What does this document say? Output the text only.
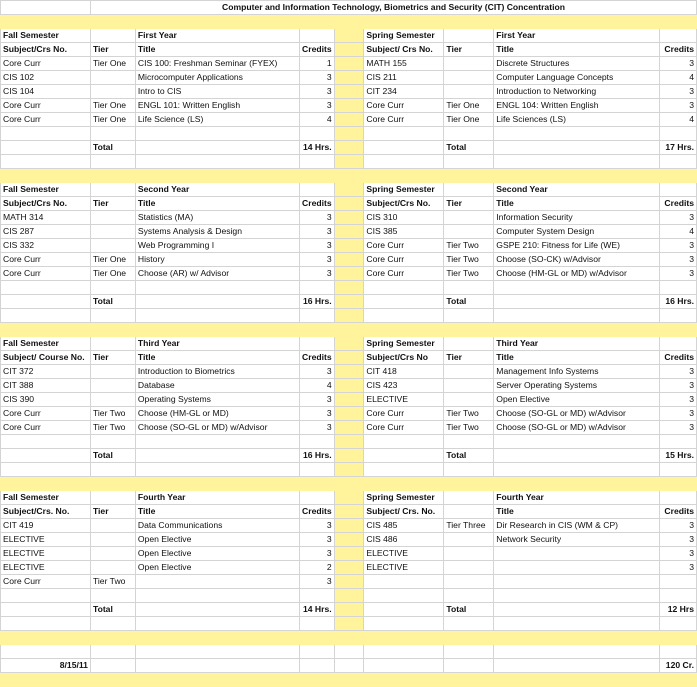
	Computer and Information Technology, Biometrics and Security (CIT) Concentration							

Fall Semester		First Year			Spring Semester		First Year	
Subject/Crs No.	Tier	Title	Credits		Subject/ Crs No.	Tier	Title	Credits
Core Curr	Tier One	CIS 100: Freshman Seminar (FYEX)	1		MATH 155		Discrete Structures	3
CIS 102		Microcomputer Applications	3		CIS 211		Computer Language Concepts	4
CIS 104		Intro to CIS	3		CIT 234		Introduction to Networking	3
Core Curr	Tier One	ENGL 101: Written English	3		Core Curr	Tier One	ENGL 104: Written English	3
Core Curr	Tier One	Life Science (LS)	4		Core Curr	Tier One	Life Sciences (LS)	4

	Total		14 Hrs.			Total		17 Hrs.

Fall Semester		Second Year			Spring Semester		Second Year	
Subject/Crs No.	Tier	Title	Credits		Subject/Crs No.	Tier	Title	Credits
MATH 314		Statistics (MA)	3		CIS 310		Information Security	3
CIS 287		Systems Analysis & Design	3		CIS 385		Computer System Design	4
CIS 332		Web Programming I	3		Core Curr	Tier Two	GSPE 210: Fitness for Life (WE)	3
Core Curr	Tier One	History	3		Core Curr	Tier Two	Choose (SO-CK) w/Advisor	3
Core Curr	Tier One	Choose (AR) w/ Advisor	3		Core Curr	Tier Two	Choose (HM-GL or MD) w/Advisor	3

	Total		16 Hrs.			Total		16 Hrs.

Fall Semester		Third Year			Spring Semester		Third Year	
Subject/ Course No.	Tier	Title	Credits		Subject/Crs No	Tier	Title	Credits
CIT 372		Introduction to Biometrics	3		CIT 418		Management Info Systems	3
CIT 388		Database	4		CIS 423		Server Operating Systems	3
CIS 390		Operating Systems	3		ELECTIVE		Open Elective	3
Core Curr	Tier Two	Choose (HM-GL or MD)	3		Core Curr	Tier Two	Choose (SO-GL or MD) w/Advisor	3
Core Curr	Tier Two	Choose (SO-GL or MD) w/Advisor	3		Core Curr	Tier Two	Choose (SO-GL or MD) w/Advisor	3

	Total		16 Hrs.			Total		15 Hrs.

Fall Semester		Fourth Year			Spring Semester		Fourth Year	
Subject/Crs. No.	Tier	Title	Credits		Subject/ Crs. No.		Title	Credits
CIT 419		Data Communications	3		CIS 485	Tier Three	Dir Research in CIS (WM & CP)	3
ELECTIVE		Open Elective	3		CIS 486		Network Security	3
ELECTIVE		Open Elective	3		ELECTIVE			3
ELECTIVE		Open Elective	2		ELECTIVE			3
Core Curr	Tier Two		3					

	Total		14 Hrs.			Total		12 Hrs

8/15/11								120 Cr.
